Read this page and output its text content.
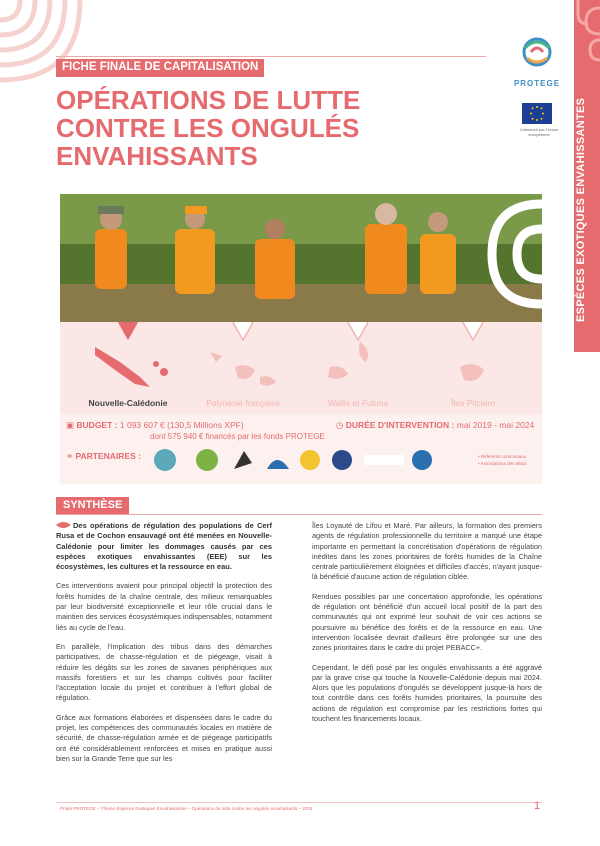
ESPÈCES EXOTIQUES ENVAHISSANTES
FICHE FINALE DE CAPITALISATION
OPÉRATIONS DE LUTTE
CONTRE LES ONGULÉS
ENVAHISSANTS
PROTEGE
Cofinancé par l'Union européenne
Nouvelle-Calédonie	Polynésie française	Wallis et Futuna	Îles Pitcairn
▣ BUDGET : 1 093 607 € (130,5 Millions XPF)
dont 575 940 € financés par les fonds PROTEGE
◷ DURÉE D'INTERVENTION : mai 2019 - mai 2024
⚭ PARTENAIRES :	• Référents communaux
• Associations des tribus
SYNTHÈSE

Des opérations de régulation des populations de Cerf Rusa et de Cochon ensauvagé ont été menées en Nouvelle-Calédonie pour limiter les dommages causés par ces espèces exotiques envahissantes (EEE) sur les écosystèmes, les cultures et la ressource en eau.

Ces interventions avaient pour principal objectif la protection des forêts humides de la chaîne centrale, des milieux remarquables par leur biodiversité exceptionnelle et leur rôle crucial dans le maintien des services écosystémiques indispensables, notamment liés au cycle de l'eau.

En parallèle, l'implication des tribus dans des démarches participatives, de chasse-régulation et de piégeage, visait à réduire les dégâts sur les zones de savanes périphériques aux massifs forestiers et sur les champs cultivés pour faciliter l'acceptation locale du projet et contribuer à l'effort global de régulation.

Grâce aux formations élaborées et dispensées dans le cadre du projet, les compétences des communautés locales en matière de sécurité, de chasse-régulation armée et de piégeage participatifs ont été considérablement renforcées et mises en pratique aussi bien sur la Grande Terre que sur les

Îles Loyauté de Lifou et Maré. Par ailleurs, la formation des premiers agents de régulation professionnelle du territoire a marqué une étape importante en permettant la concrétisation d'opérations de régulation inédites dans les zones prioritaires de forêts humides de la Chaîne centrale particulièrement éloignées et difficiles d'accès, n'ayant jusque-là bénéficié d'aucune action de régulation ciblée.

Rendues possibles par une concertation approfondie, les opérations de régulation ont bénéficié d'un accueil local positif de la part des communautés qui ont exprimé leur souhait de voir ces actions se poursuivre au bénéfice des forêts et de la ressource en eau. Une intervention localisée devrait d'ailleurs être prolongée sur une des zones prioritaires dans le cadre du projet PEBACC+.

Cependant, le défi posé par les ongulés envahissants a été aggravé par la grave crise qui touche la Nouvelle-Calédonie depuis mai 2024. Alors que les populations d'ongulés se développent jusque-là hors de tout contrôle dans ces forêts humides prioritaires, la poursuite des actions de régulation est compromise par les restrictions fortes qui touchent les financements locaux.

Projet PROTEGE – Thème Espèces Exotiques Envahissantes – Opérations de lutte contre les ongulés envahissants – 2024.	1
